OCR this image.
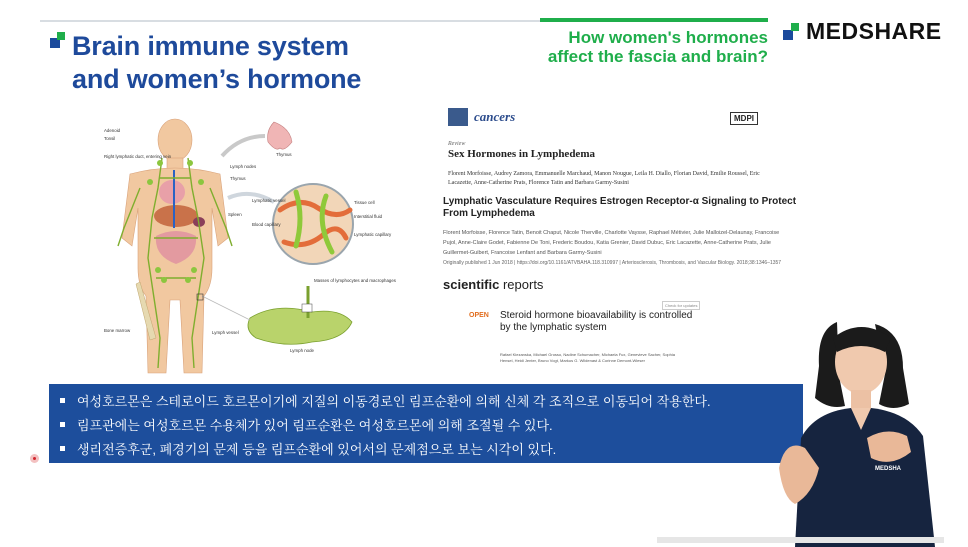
Brain immune system
and women’s hormone
How women's hormones
affect the fascia and brain?
MEDSHARE
Adenoid
Tonsil
Right lymphatic duct, entering vein
Lymph nodes
Thymus
Thymus
Spleen
Lymphatic vessel
Blood capillary
Tissue cell
Interstitial fluid
Lymphatic capillary
Masses of lymphocytes and macrophages
Bone marrow	Lymph vessel
Lymph node
cancers	MDPI
Review
Sex Hormones in Lymphedema
Florent Morfoisse, Audrey Zamora, Emmanuelle Marchaud, Manon Nougue, Leila H. Diallo, Florian David, Emilie Roussel, Eric Lacazette, Anne-Catherine Prats, Florence Tatin and Barbara Garmy-Susini
Lymphatic Vasculature Requires Estrogen Receptor-α Signaling to Protect From Lymphedema
Florent Morfoisse, Florence Tatin, Benoit Chaput, Nicole Therville, Charlotte Vaysse, Raphael Métivier, Julie Malloizel-Delaunay, Francoise Pujol, Anne-Claire Godet, Fabienne De Toni, Frederic Boudou, Katia Grenier, David Dubuc, Eric Lacazette, Anne-Catherine Prats, Julie Guillermet-Guibert, Francoise Lenfant and Barbara Garmy-Susini
Originally published 1 Jun 2018 | https://doi.org/10.1161/ATVBAHA.118.310997 | Arteriosclerosis, Thrombosis, and Vascular Biology. 2018;38:1346–1357
scientific reports
Check for updates
OPEN Steroid hormone bioavailability is controlled by the lymphatic system
Rafael Kiezanska, Michael Grosso, Nadine Schumacher, Michaela Fux, Genevieve Sacher, Sophia Hensel, Heidi Jenter, Bruno Vogt, Markus G. Wildenast & Corinne Demont-Wieser
여성호르몬은 스테로이드 호르몬이기에 지질의 이동경로인 림프순환에 의해 신체 각 조직으로 이동되어 작용한다.
림프관에는 여성호르몬 수용체가 있어 림프순환은 여성호르몬에 의해 조절될 수 있다.
생리전증후군, 폐경기의 문제 등을 림프순환에 있어서의 문제점으로 보는 시각이 있다.
MEDSHA
